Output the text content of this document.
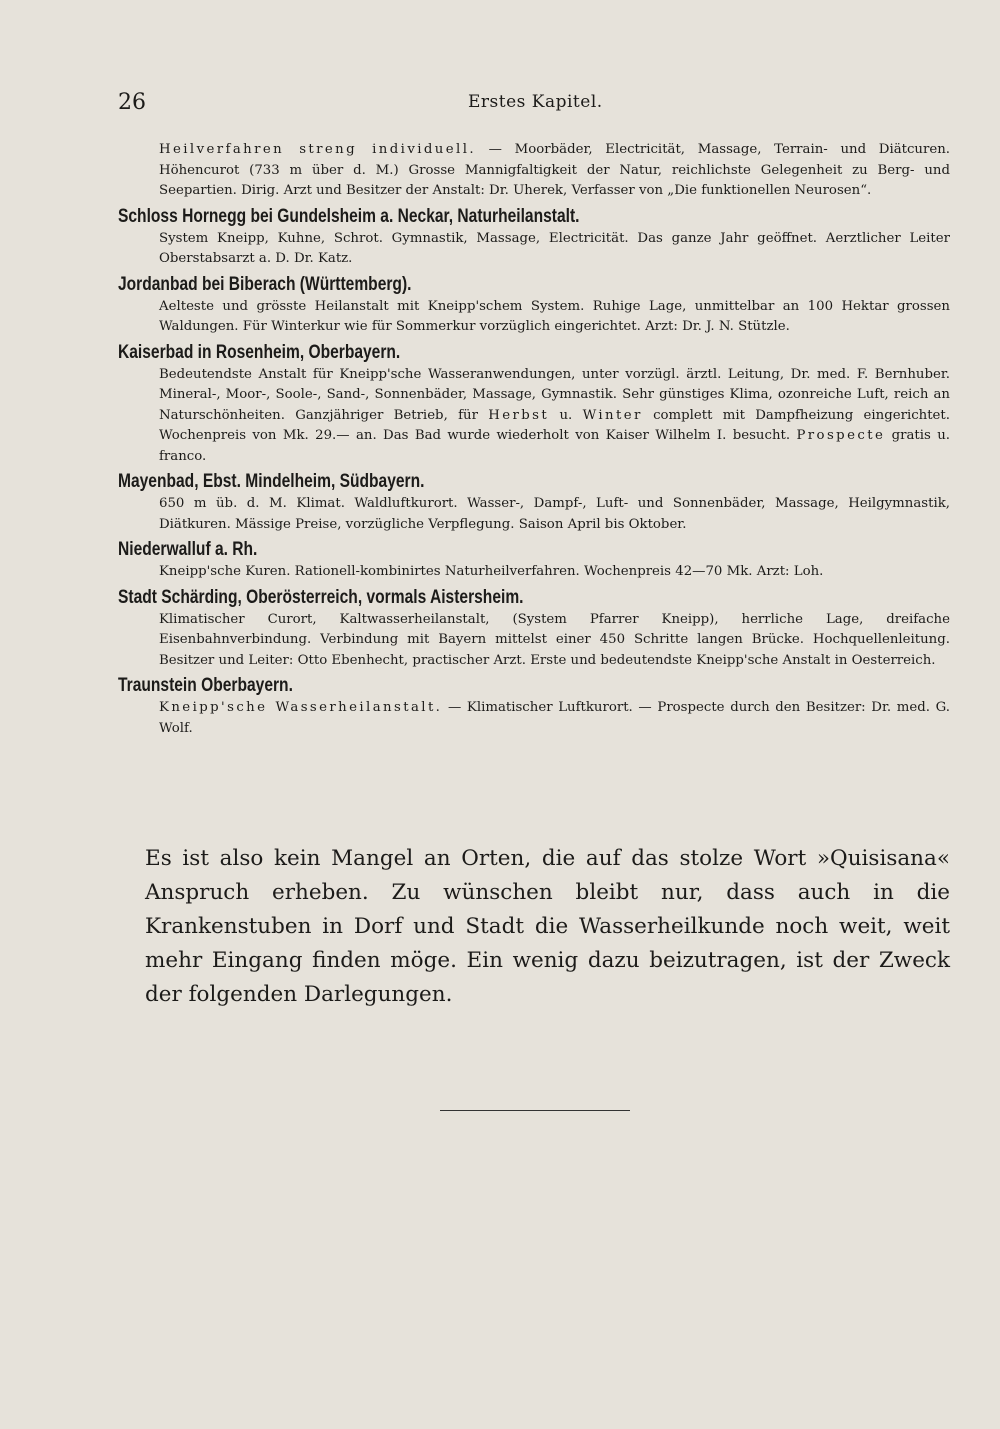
26	Erstes Kapitel.
Heilverfahren streng individuell. — Moorbäder, Electricität, Massage, Terrain- und Diätcuren. Höhencurot (733 m über d. M.) Grosse Mannigfaltigkeit der Natur, reichlichste Gelegenheit zu Berg- und Seepartien. Dirig. Arzt und Besitzer der Anstalt: Dr. Uherek, Verfasser von „Die funktionellen Neurosen“.
Schloss Hornegg bei Gundelsheim a. Neckar, Naturheilanstalt.
System Kneipp, Kuhne, Schrot. Gymnastik, Massage, Electricität. Das ganze Jahr geöffnet. Aerztlicher Leiter Oberstabsarzt a. D. Dr. Katz.
Jordanbad bei Biberach (Württemberg).
Aelteste und grösste Heilanstalt mit Kneipp'schem System. Ruhige Lage, unmittelbar an 100 Hektar grossen Waldungen. Für Winterkur wie für Sommerkur vorzüglich eingerichtet. Arzt: Dr. J. N. Stützle.
Kaiserbad in Rosenheim, Oberbayern.
Bedeutendste Anstalt für Kneipp'sche Wasseranwendungen, unter vorzügl. ärztl. Leitung, Dr. med. F. Bernhuber. Mineral-, Moor-, Soole-, Sand-, Sonnenbäder, Massage, Gymnastik. Sehr günstiges Klima, ozonreiche Luft, reich an Naturschönheiten. Ganzjähriger Betrieb, für Herbst u. Winter complett mit Dampfheizung eingerichtet. Wochenpreis von Mk. 29.— an. Das Bad wurde wiederholt von Kaiser Wilhelm I. besucht. Prospecte gratis u. franco.
Mayenbad, Ebst. Mindelheim, Südbayern.
650 m üb. d. M. Klimat. Waldluftkurort. Wasser-, Dampf-, Luft- und Sonnenbäder, Massage, Heilgymnastik, Diätkuren. Mässige Preise, vorzügliche Verpflegung. Saison April bis Oktober.
Niederwalluf a. Rh.
Kneipp'sche Kuren. Rationell-kombinirtes Naturheilverfahren. Wochenpreis 42—70 Mk. Arzt: Loh.
Stadt Schärding, Oberösterreich, vormals Aistersheim.
Klimatischer Curort, Kaltwasserheilanstalt, (System Pfarrer Kneipp), herrliche Lage, dreifache Eisenbahnverbindung. Verbindung mit Bayern mittelst einer 450 Schritte langen Brücke. Hochquellenleitung. Besitzer und Leiter: Otto Ebenhecht, practischer Arzt. Erste und bedeutendste Kneipp'sche Anstalt in Oesterreich.
Traunstein Oberbayern.
Kneipp'sche Wasserheilanstalt. — Klimatischer Luftkurort. — Prospecte durch den Besitzer: Dr. med. G. Wolf.

Es ist also kein Mangel an Orten, die auf das stolze Wort »Quisisana« Anspruch erheben. Zu wünschen bleibt nur, dass auch in die Krankenstuben in Dorf und Stadt die Wasserheilkunde noch weit, weit mehr Eingang finden möge. Ein wenig dazu beizutragen, ist der Zweck der folgenden Darlegungen.
